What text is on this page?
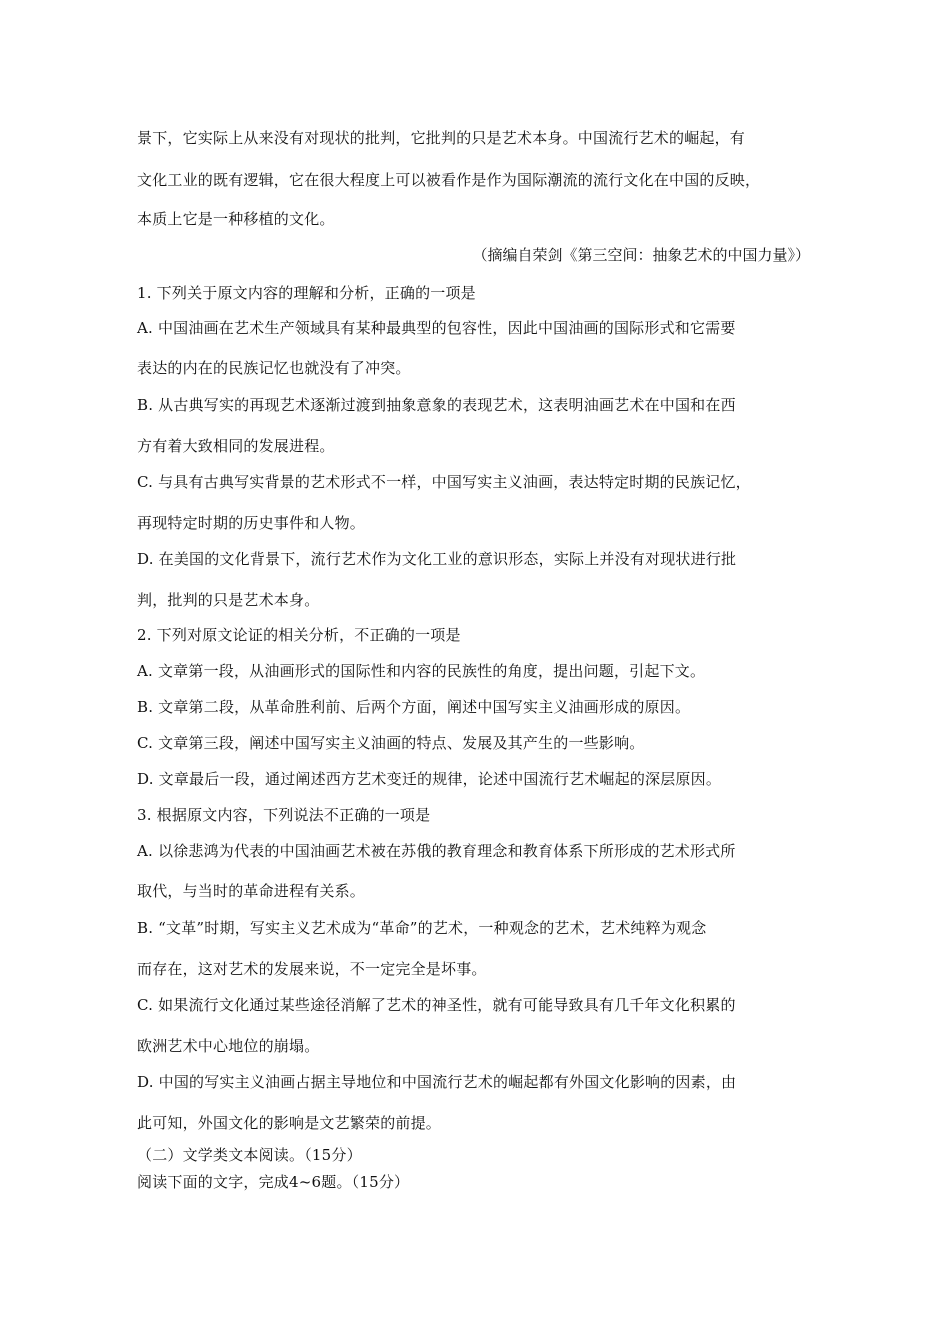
景下，它实际上从来没有对现状的批判，它批判的只是艺术本身。中国流行艺术的崛起，有
文化工业的既有逻辑，它在很大程度上可以被看作是作为国际潮流的流行文化在中国的反映，
本质上它是一种移植的文化。
（摘编自荣剑《第三空间：抽象艺术的中国力量》）
1. 下列关于原文内容的理解和分析，正确的一项是
A. 中国油画在艺术生产领域具有某种最典型的包容性，因此中国油画的国际形式和它需要
表达的内在的民族记忆也就没有了冲突。
B. 从古典写实的再现艺术逐渐过渡到抽象意象的表现艺术，这表明油画艺术在中国和在西
方有着大致相同的发展进程。
C. 与具有古典写实背景的艺术形式不一样，中国写实主义油画，表达特定时期的民族记忆，
再现特定时期的历史事件和人物。
D. 在美国的文化背景下，流行艺术作为文化工业的意识形态，实际上并没有对现状进行批
判，批判的只是艺术本身。
2. 下列对原文论证的相关分析，不正确的一项是
A. 文章第一段，从油画形式的国际性和内容的民族性的角度，提出问题，引起下文。
B. 文章第二段，从革命胜利前、后两个方面，阐述中国写实主义油画形成的原因。
C. 文章第三段，阐述中国写实主义油画的特点、发展及其产生的一些影响。
D. 文章最后一段，通过阐述西方艺术变迁的规律，论述中国流行艺术崛起的深层原因。
3. 根据原文内容，下列说法不正确的一项是
A. 以徐悲鸿为代表的中国油画艺术被在苏俄的教育理念和教育体系下所形成的艺术形式所
取代，与当时的革命进程有关系。
B. “文革”时期，写实主义艺术成为“革命”的艺术，一种观念的艺术，艺术纯粹为观念
而存在，这对艺术的发展来说，不一定完全是坏事。
C. 如果流行文化通过某些途径消解了艺术的神圣性，就有可能导致具有几千年文化积累的
欧洲艺术中心地位的崩塌。
D. 中国的写实主义油画占据主导地位和中国流行艺术的崛起都有外国文化影响的因素，由
此可知，外国文化的影响是文艺繁荣的前提。
（二）文学类文本阅读。（15分）
阅读下面的文字，完成4~6题。（15分）
